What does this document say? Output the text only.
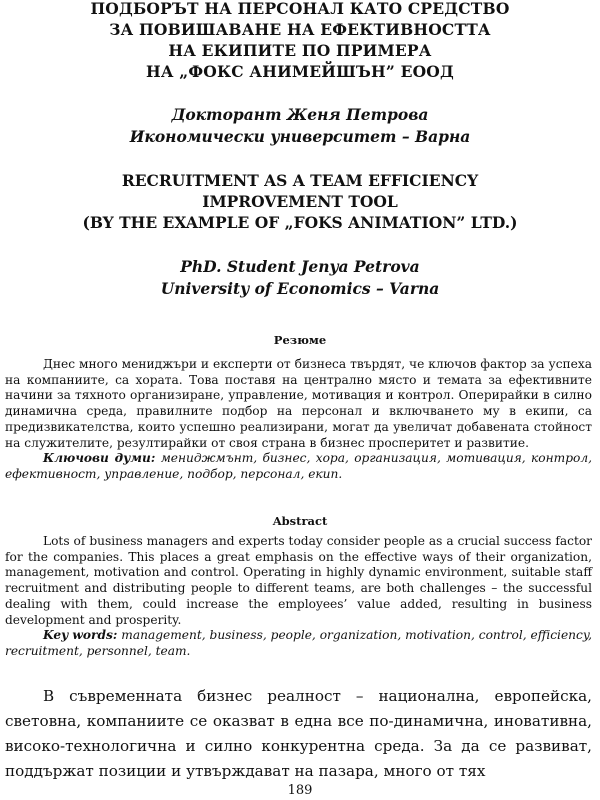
ПОДБОРЪТ НА ПЕРСОНАЛ КАТО СРЕДСТВО
ЗА ПОВИШАВАНЕ НА ЕФЕКТИВНОСТТА
НА ЕКИПИТЕ ПО ПРИМЕРА
НА „ФОКС АНИМЕЙШЪН” ЕООД
Докторант Женя Петрова
Икономически университет – Варна
RECRUITMENT AS A TEAM EFFICIENCY
IMPROVEMENT TOOL
(BY THE EXAMPLE OF „FOKS ANIMATION” LTD.)
PhD. Student Jenya Petrova
University of Economics – Varna
Резюме

Днес много мениджъри и експерти от бизнеса твърдят, че ключов фактор за успеха на компаниите, са хората. Това поставя на централно място и темата за ефективните начини за тяхното организиране, управление, мотивация и контрол. Оперирайки в силно динамична среда, правилните подбор на персонал и включването му в екипи, са предизвикателства, които успешно реализирани, могат да увеличат добавената стойност на служителите, резултирайки от своя страна в бизнес просперитет и развитие.

Ключови думи: мениджмънт, бизнес, хора, организация, мотивация, контрол, ефективност, управление, подбор, персонал, екип.

Abstract

Lots of business managers and experts today consider people as a crucial success factor for the companies. This places a great emphasis on the effective ways of their organization, management, motivation and control. Operating in highly dynamic environment, suitable staff recruitment and distributing people to different teams, are both challenges – the successful dealing with them, could increase the employees’ value added, resulting in business development and prosperity.

Key words: management, business, people, organization, motivation, control, efficiency, recruitment, personnel, team.

В съвременната бизнес реалност – национална, европейска, световна, компаниите се оказват в една все по-динамична, иновативна, високо-технологична и силно конкурентна среда. За да се развиват, поддържат позиции и утвърждават на пазара, много от тях

189
